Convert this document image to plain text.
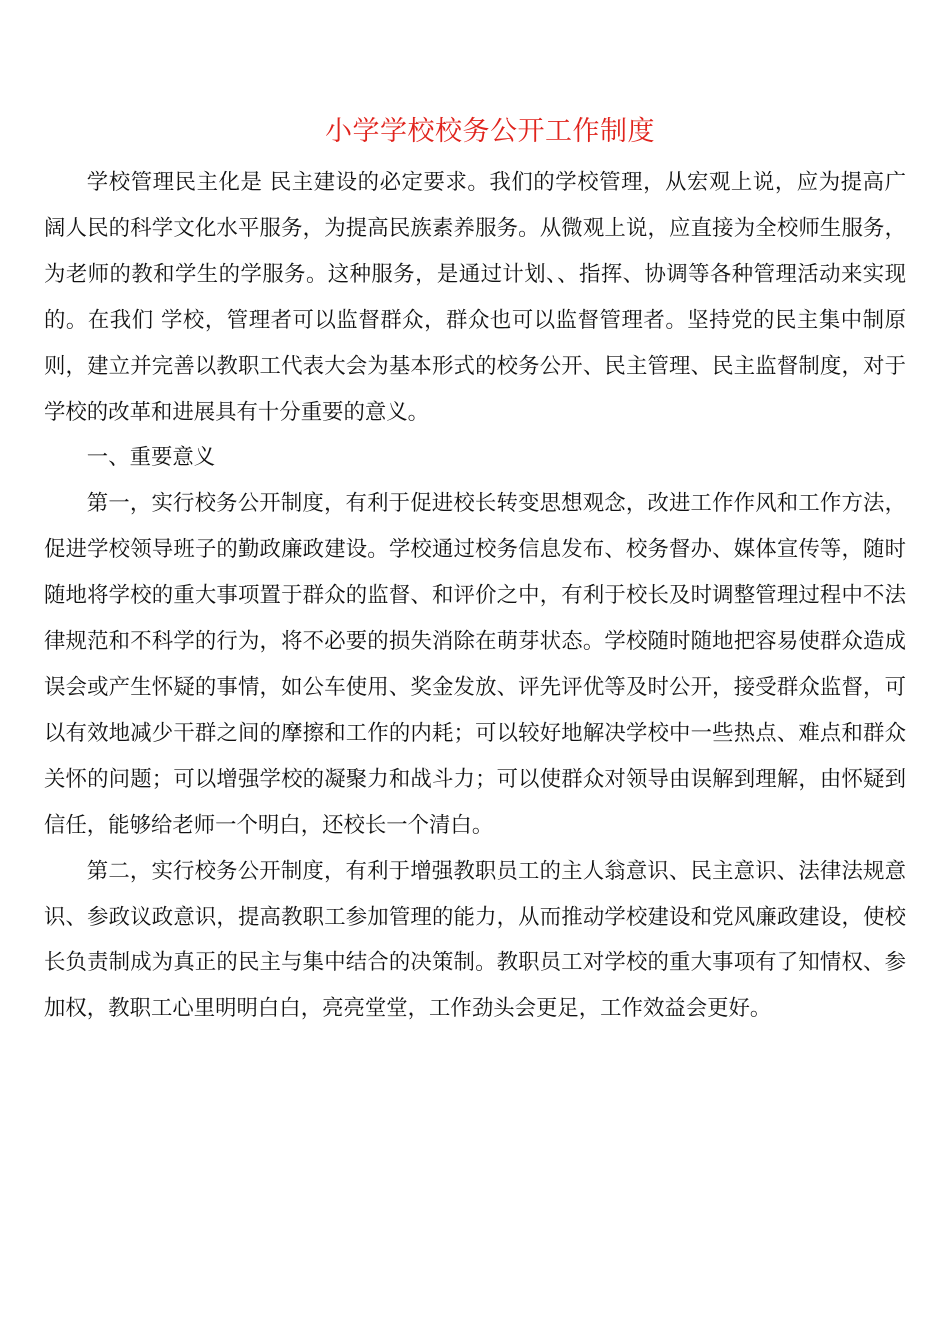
小学学校校务公开工作制度

学校管理民主化是 民主建设的必定要求。我们的学校管理，从宏观上说，应为提高广阔人民的科学文化水平服务，为提高民族素养服务。从微观上说，应直接为全校师生服务，为老师的教和学生的学服务。这种服务，是通过计划、、指挥、协调等各种管理活动来实现的。在我们 学校，管理者可以监督群众，群众也可以监督管理者。坚持党的民主集中制原则，建立并完善以教职工代表大会为基本形式的校务公开、民主管理、民主监督制度，对于学校的改革和进展具有十分重要的意义。

一、重要意义

第一，实行校务公开制度，有利于促进校长转变思想观念，改进工作作风和工作方法，促进学校领导班子的勤政廉政建设。学校通过校务信息发布、校务督办、媒体宣传等，随时随地将学校的重大事项置于群众的监督、和评价之中，有利于校长及时调整管理过程中不法律规范和不科学的行为，将不必要的损失消除在萌芽状态。学校随时随地把容易使群众造成误会或产生怀疑的事情，如公车使用、奖金发放、评先评优等及时公开，接受群众监督，可以有效地减少干群之间的摩擦和工作的内耗；可以较好地解决学校中一些热点、难点和群众关怀的问题；可以增强学校的凝聚力和战斗力；可以使群众对领导由误解到理解，由怀疑到信任，能够给老师一个明白，还校长一个清白。

第二，实行校务公开制度，有利于增强教职员工的主人翁意识、民主意识、法律法规意识、参政议政意识，提高教职工参加管理的能力，从而推动学校建设和党风廉政建设，使校长负责制成为真正的民主与集中结合的决策制。教职员工对学校的重大事项有了知情权、参加权，教职工心里明明白白，亮亮堂堂，工作劲头会更足，工作效益会更好。
